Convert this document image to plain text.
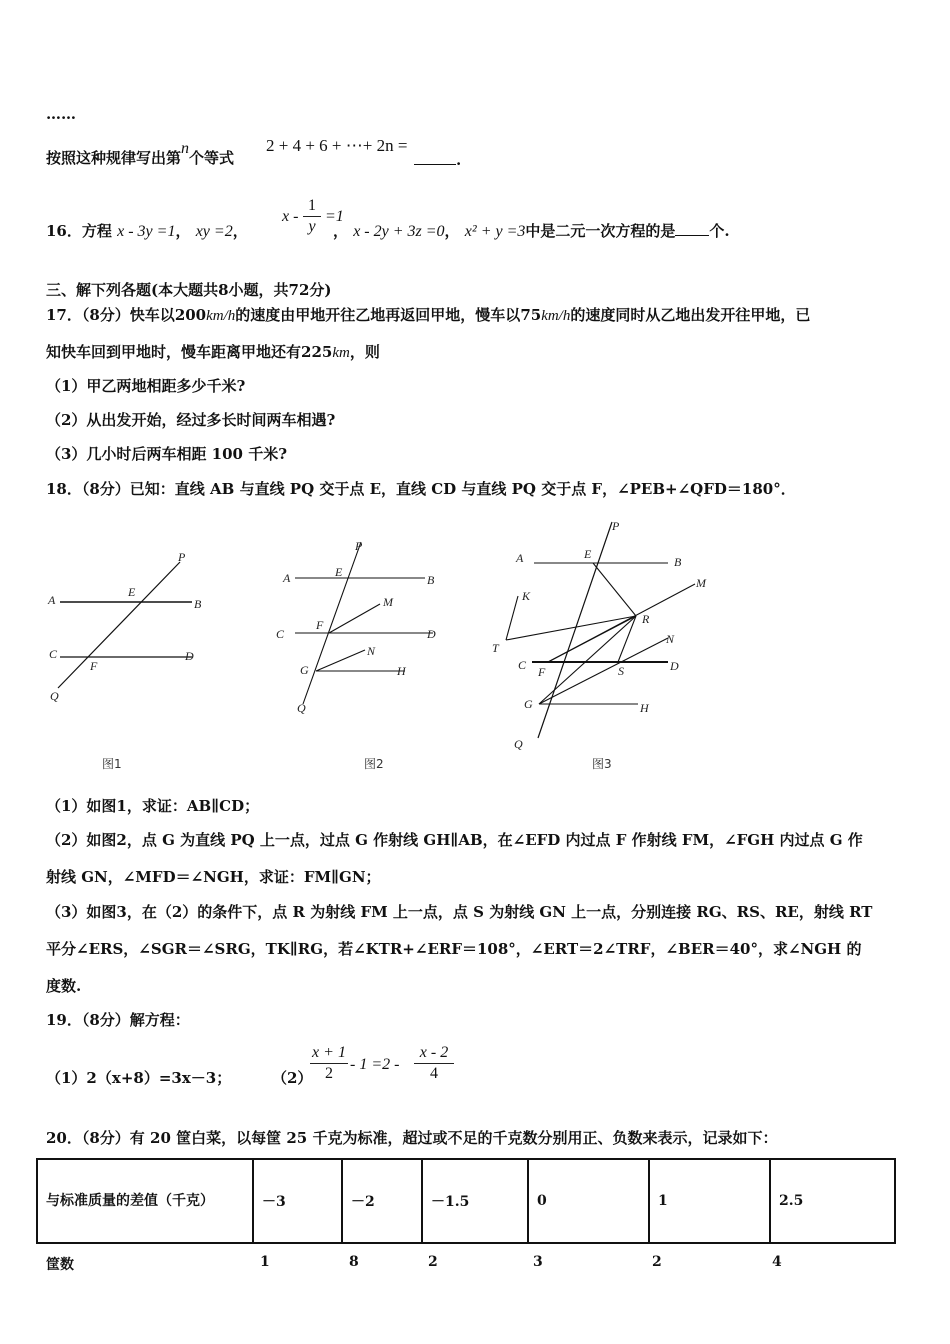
……
按照这种规律写出第n个等式
2 + 4 + 6 + ⋯+ 2n =
.
16．方程 x - 3y =1， xy =2，	， x - 2y + 3z =0， x² + y =3中是二元一次方程的是 个.
$x - \frac{1}{y} =1$
三、解下列各题(本大题共8小题，共72分)
17．（8分）快车以200km/h的速度由甲地开往乙地再返回甲地，慢车以75km/h的速度同时从乙地出发开往甲地，已
知快车回到甲地时，慢车距离甲地还有225km，则
（1）甲乙两地相距多少千米?
（2）从出发开始，经过多长时间两车相遇?
（3）几小时后两车相距 100 千米?
18．（8分）已知：直线 AB 与直线 PQ 交于点 E，直线 CD 与直线 PQ 交于点 F，∠PEB+∠QFD＝180°．
P
A
E
B
C
F
D
Q
图1
P
A	E
B
M
C
F
D
N
G	H
Q
图2
P
A	E
B
M
K
R
N
T
C F	S	D
G	H
Q
图3
（1）如图1，求证：AB∥CD；
（2）如图2，点 G 为直线 PQ 上一点，过点 G 作射线 GH∥AB，在∠EFD 内过点 F 作射线 FM，∠FGH 内过点 G 作
射线 GN，∠MFD＝∠NGH，求证：FM∥GN；
（3）如图3，在（2）的条件下，点 R 为射线 FM 上一点，点 S 为射线 GN 上一点，分别连接 RG、RS、RE，射线 RT
平分∠ERS，∠SGR＝∠SRG，TK∥RG，若∠KTR+∠ERF＝108°，∠ERT＝2∠TRF，∠BER＝40°，求∠NGH 的
度数.
19．（8分）解方程：
（1）2（x+8）=3x－3；	（2）
$\frac{x + 1}{2} - 1 =2 - \frac{x - 2}{4}$
20．（8分）有 20 筐白菜，以每筐 25 千克为标准，超过或不足的千克数分别用正、负数来表示，记录如下：
与标准质量的差值（千克）	－3	－2	－1.5	0	1	2.5
筐数	1	8	2	3	2	4
